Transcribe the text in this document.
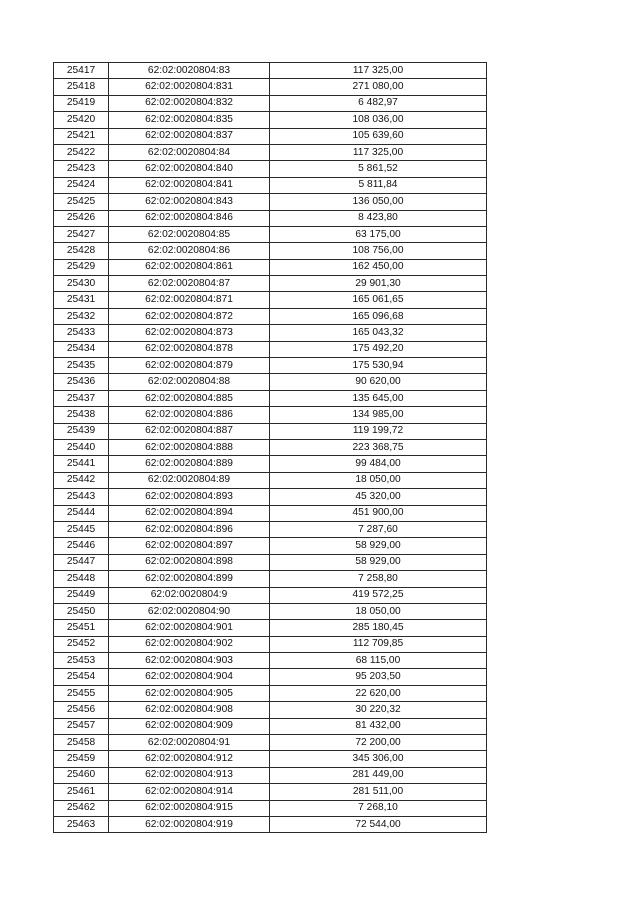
25417	62:02:0020804:83	117 325,00
25418	62:02:0020804:831	271 080,00
25419	62:02:0020804:832	6 482,97
25420	62:02:0020804:835	108 036,00
25421	62:02:0020804:837	105 639,60
25422	62:02:0020804:84	117 325,00
25423	62:02:0020804:840	5 861,52
25424	62:02:0020804:841	5 811,84
25425	62:02:0020804:843	136 050,00
25426	62:02:0020804:846	8 423,80
25427	62:02:0020804:85	63 175,00
25428	62:02:0020804:86	108 756,00
25429	62:02:0020804:861	162 450,00
25430	62:02:0020804:87	29 901,30
25431	62:02:0020804:871	165 061,65
25432	62:02:0020804:872	165 096,68
25433	62:02:0020804:873	165 043,32
25434	62:02:0020804:878	175 492,20
25435	62:02:0020804:879	175 530,94
25436	62:02:0020804:88	90 620,00
25437	62:02:0020804:885	135 645,00
25438	62:02:0020804:886	134 985,00
25439	62:02:0020804:887	119 199,72
25440	62:02:0020804:888	223 368,75
25441	62:02:0020804:889	99 484,00
25442	62:02:0020804:89	18 050,00
25443	62:02:0020804:893	45 320,00
25444	62:02:0020804:894	451 900,00
25445	62:02:0020804:896	7 287,60
25446	62:02:0020804:897	58 929,00
25447	62:02:0020804:898	58 929,00
25448	62:02:0020804:899	7 258,80
25449	62:02:0020804:9	419 572,25
25450	62:02:0020804:90	18 050,00
25451	62:02:0020804:901	285 180,45
25452	62:02:0020804:902	112 709,85
25453	62:02:0020804:903	68 115,00
25454	62:02:0020804:904	95 203,50
25455	62:02:0020804:905	22 620,00
25456	62:02:0020804:908	30 220,32
25457	62:02:0020804:909	81 432,00
25458	62:02:0020804:91	72 200,00
25459	62:02:0020804:912	345 306,00
25460	62:02:0020804:913	281 449,00
25461	62:02:0020804:914	281 511,00
25462	62:02:0020804:915	7 268,10
25463	62:02:0020804:919	72 544,00
